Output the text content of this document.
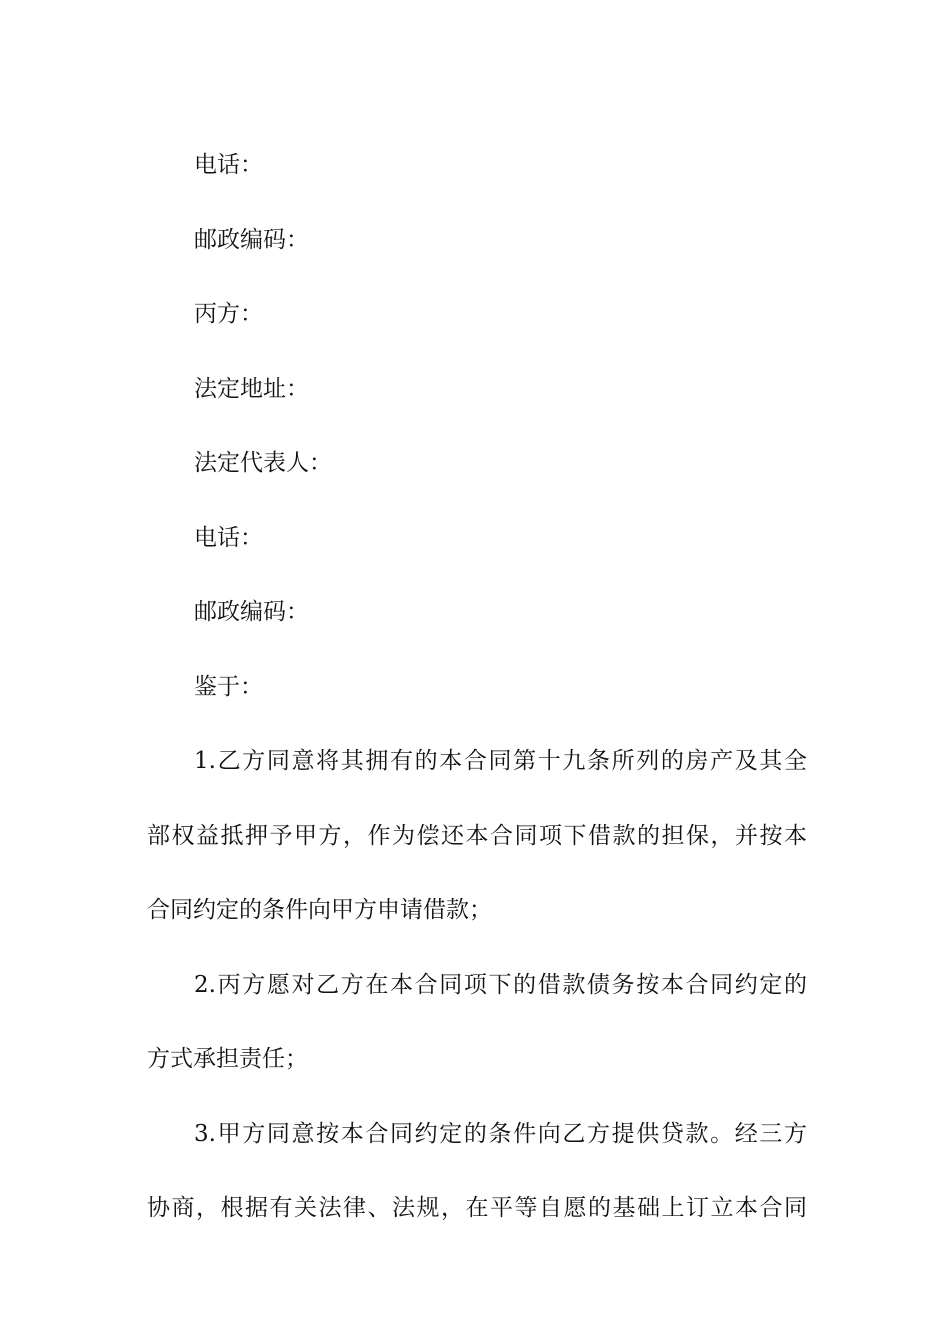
电话：
邮政编码：
丙方：
法定地址：
法定代表人：
电话：
邮政编码：
鉴于：
1.乙方同意将其拥有的本合同第十九条所列的房产及其全
部权益抵押予甲方，作为偿还本合同项下借款的担保，并按本
合同约定的条件向甲方申请借款；
2.丙方愿对乙方在本合同项下的借款债务按本合同约定的
方式承担责任；
3.甲方同意按本合同约定的条件向乙方提供贷款。经三方
协商，根据有关法律、法规，在平等自愿的基础上订立本合同
